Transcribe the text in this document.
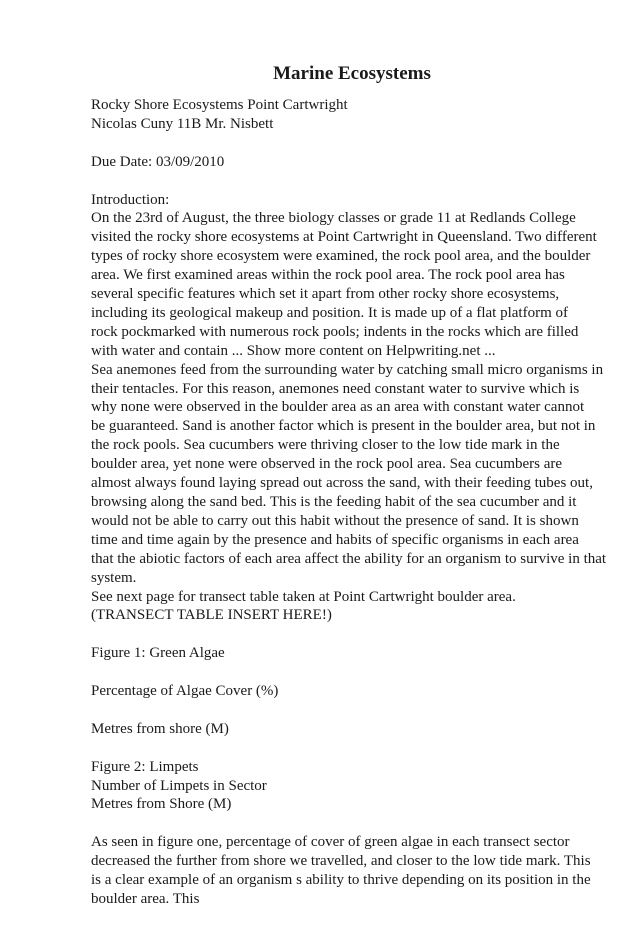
Marine Ecosystems
Rocky Shore Ecosystems Point Cartwright
Nicolas Cuny 11B Mr. Nisbett
Due Date: 03/09/2010
Introduction:
On the 23rd of August, the three biology classes or grade 11 at Redlands College
visited the rocky shore ecosystems at Point Cartwright in Queensland. Two different
types of rocky shore ecosystem were examined, the rock pool area, and the boulder
area. We first examined areas within the rock pool area. The rock pool area has
several specific features which set it apart from other rocky shore ecosystems,
including its geological makeup and position. It is made up of a flat platform of
rock pockmarked with numerous rock pools; indents in the rocks which are filled
with water and contain ... Show more content on Helpwriting.net ...
Sea anemones feed from the surrounding water by catching small micro organisms in
their tentacles. For this reason, anemones need constant water to survive which is
why none were observed in the boulder area as an area with constant water cannot
be guaranteed. Sand is another factor which is present in the boulder area, but not in
the rock pools. Sea cucumbers were thriving closer to the low tide mark in the
boulder area, yet none were observed in the rock pool area. Sea cucumbers are
almost always found laying spread out across the sand, with their feeding tubes out,
browsing along the sand bed. This is the feeding habit of the sea cucumber and it
would not be able to carry out this habit without the presence of sand. It is shown
time and time again by the presence and habits of specific organisms in each area
that the abiotic factors of each area affect the ability for an organism to survive in that
system.
See next page for transect table taken at Point Cartwright boulder area.
(TRANSECT TABLE INSERT HERE!)
Figure 1: Green Algae
Percentage of Algae Cover (%)
Metres from shore (M)
Figure 2: Limpets
Number of Limpets in Sector
Metres from Shore (M)
As seen in figure one, percentage of cover of green algae in each transect sector
decreased the further from shore we travelled, and closer to the low tide mark. This
is a clear example of an organism s ability to thrive depending on its position in the
boulder area. This
